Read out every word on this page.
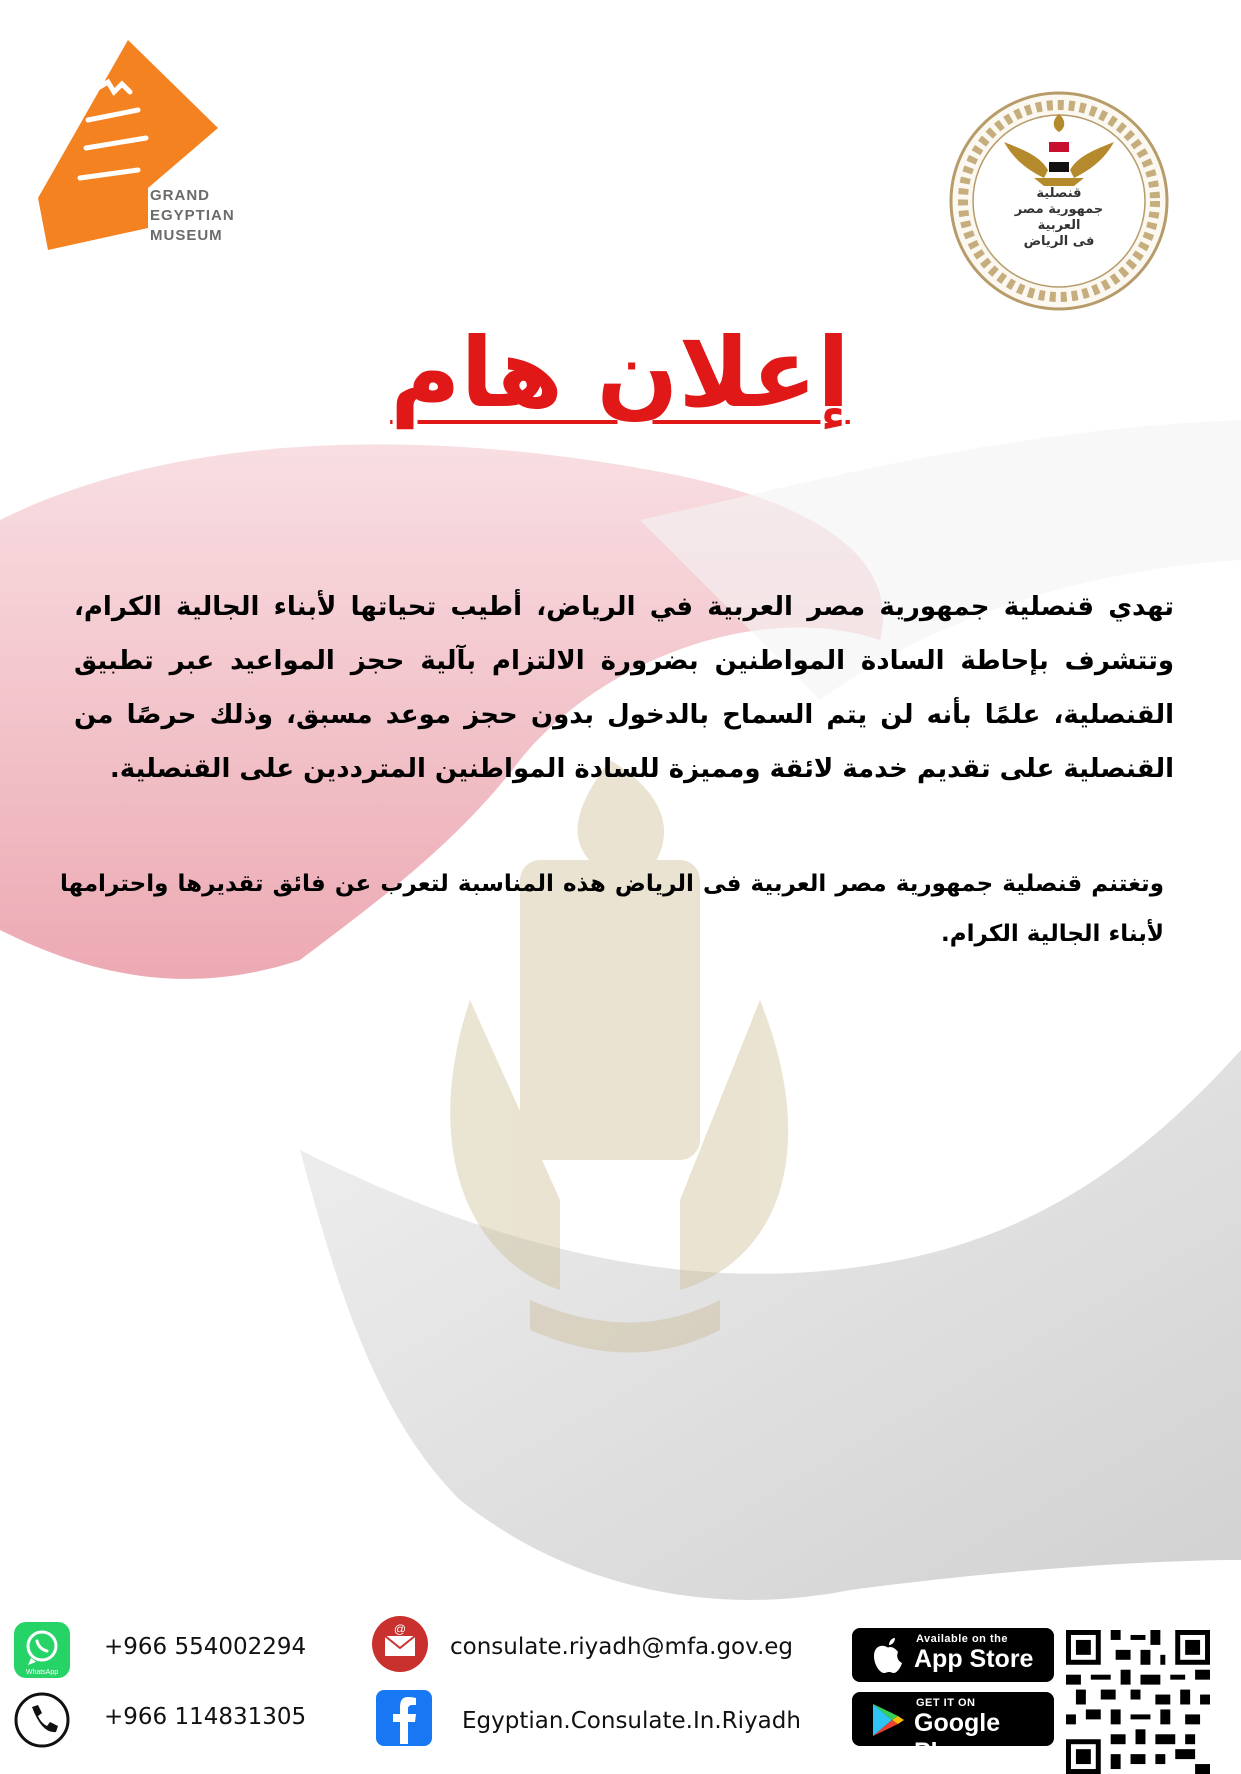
GRAND
EGYPTIAN
MUSEUM
قنصلية
جمهورية مصر العربية
فى الرياض
إعلان هام

تهدي قنصلية جمهورية مصر العربية في الرياض، أطيب تحياتها لأبناء الجالية الكرام، وتتشرف بإحاطة السادة المواطنين بضرورة الالتزام بآلية حجز المواعيد عبر تطبيق القنصلية، علمًا بأنه لن يتم السماح بالدخول بدون حجز موعد مسبق، وذلك حرصًا من القنصلية على تقديم خدمة لائقة ومميزة للسادة المواطنين المترددين على القنصلية.

وتغتنم قنصلية جمهورية مصر العربية فى الرياض هذه المناسبة لتعرب عن فائق تقديرها واحترامها لأبناء الجالية الكرام.

WhatsApp
+966 554002294
+966 114831305
@
consulate.riyadh@mfa.gov.eg
Egyptian.Consulate.In.Riyadh
Available on the
App Store
GET IT ON
Google Play
